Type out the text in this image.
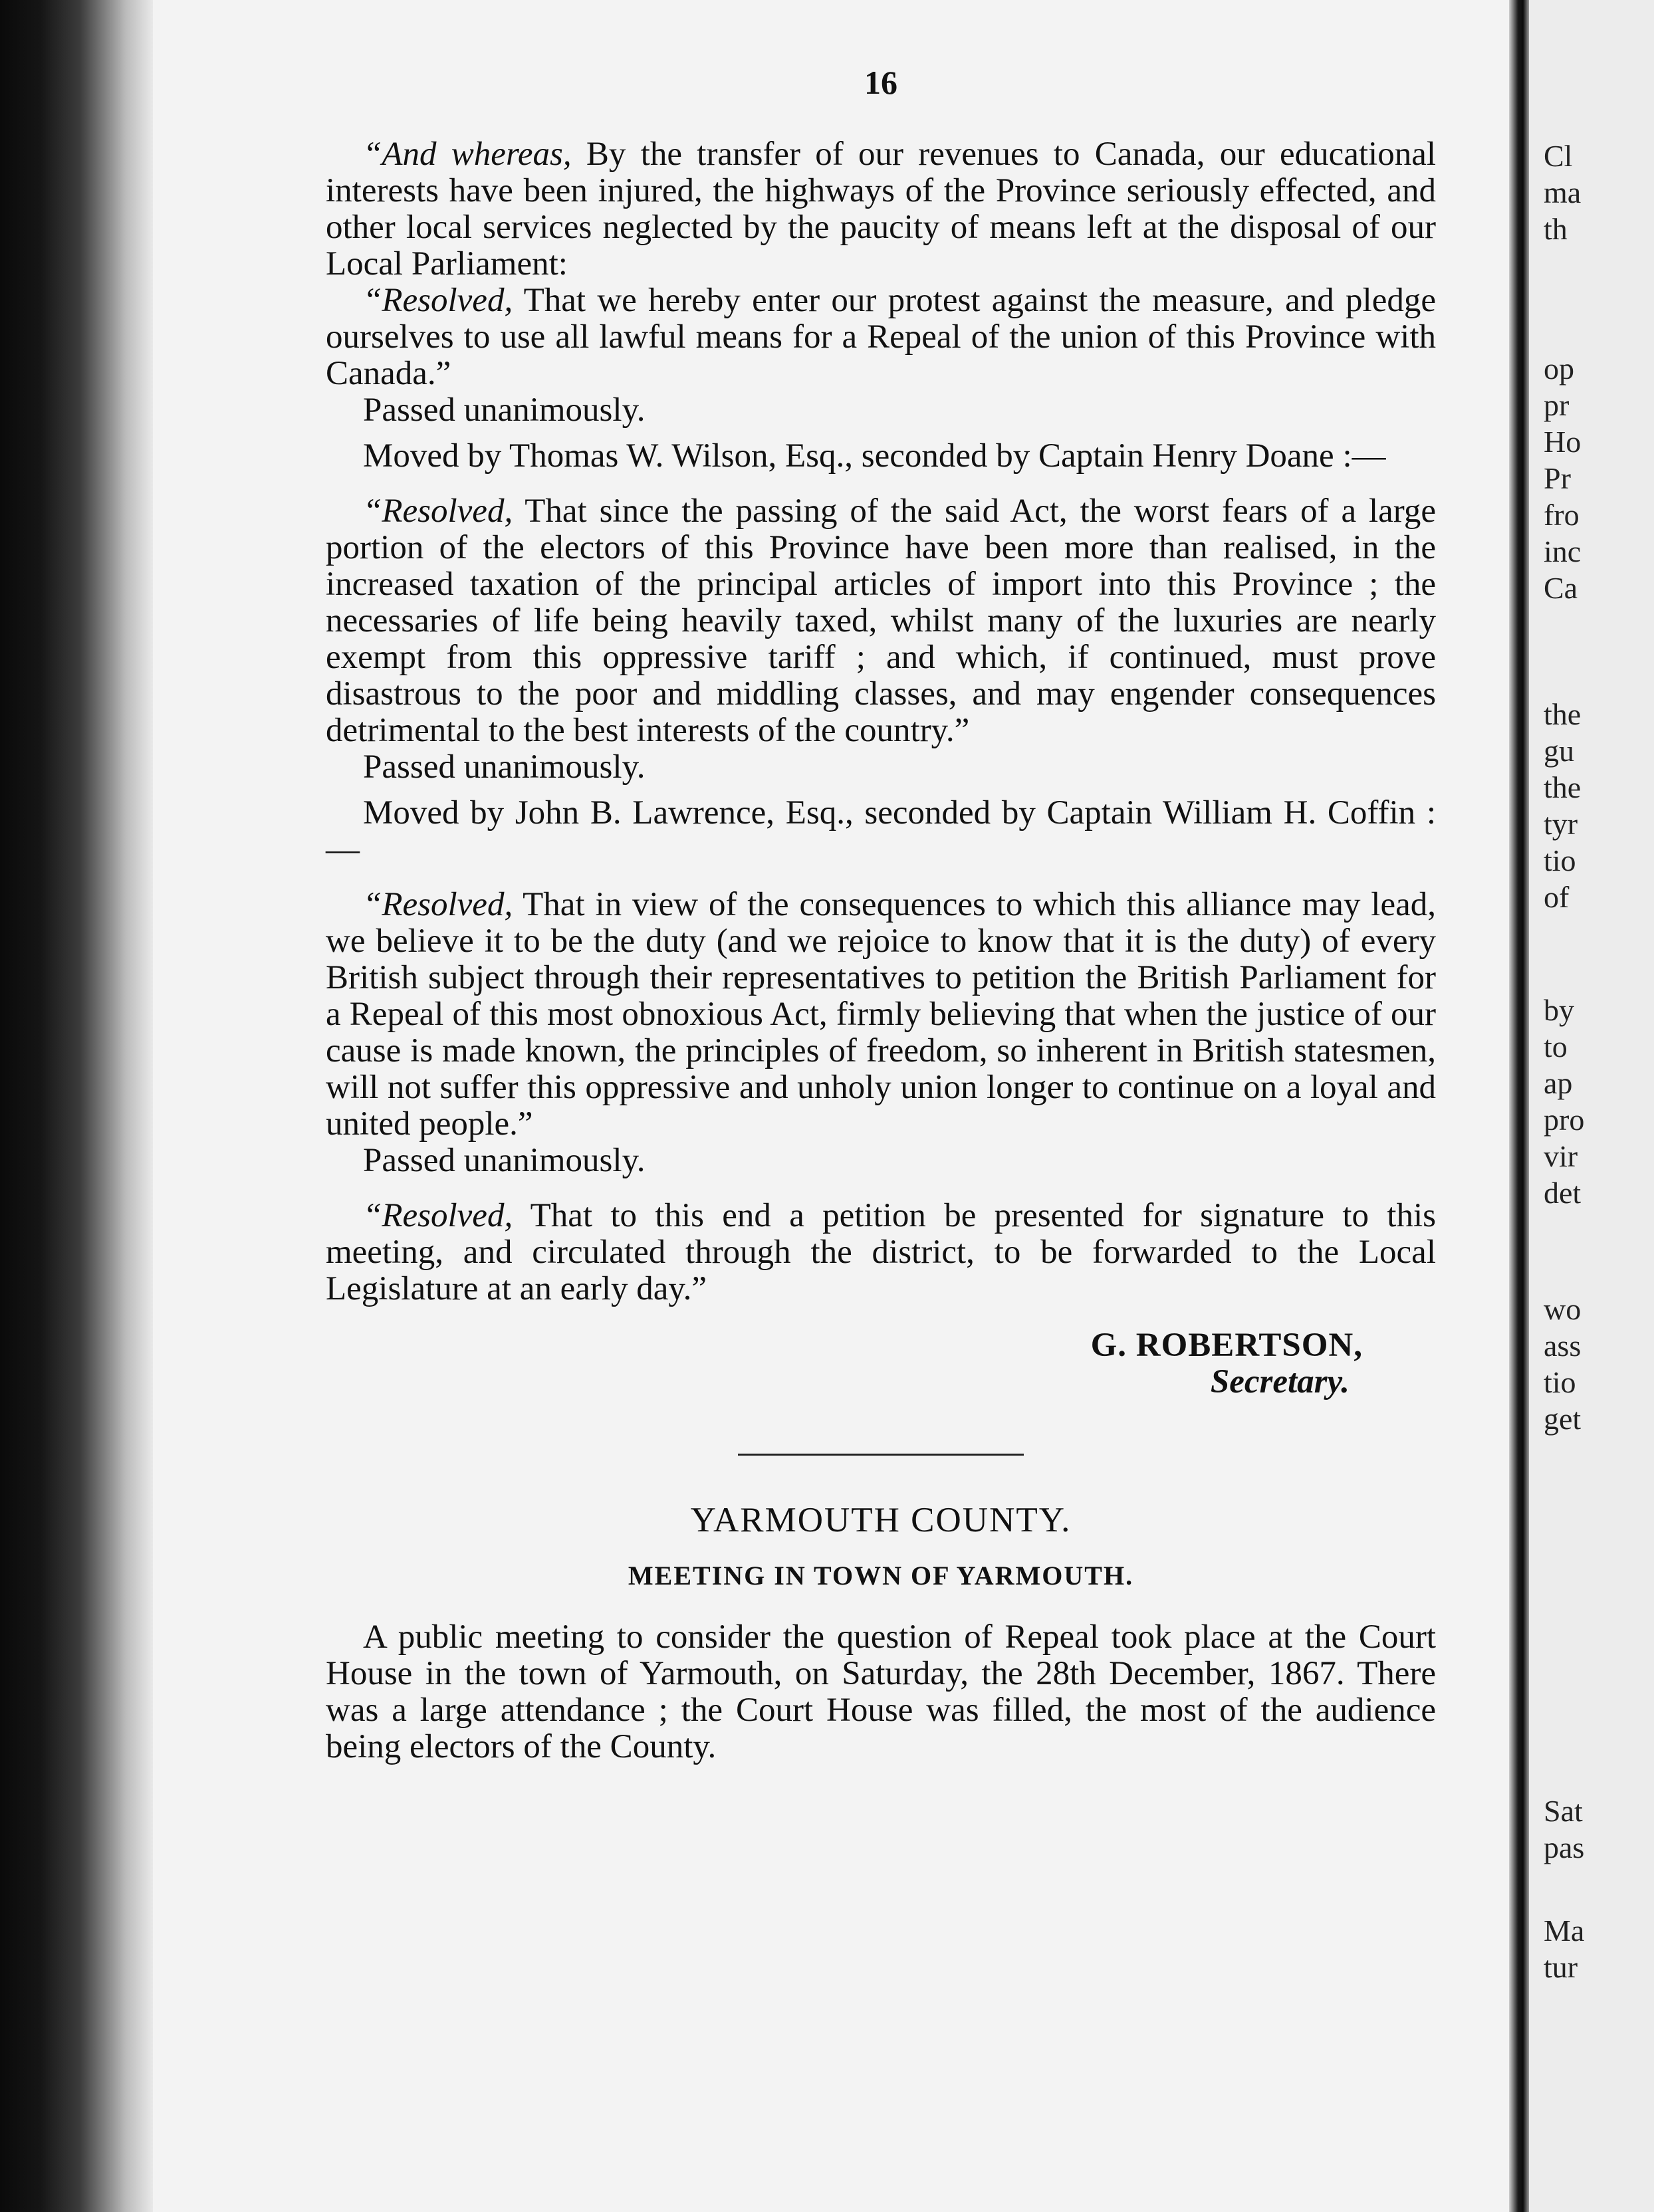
16

“And whereas, By the transfer of our revenues to Canada, our educational interests have been injured, the highways of the Province seriously effected, and other local services neglected by the paucity of means left at the disposal of our Local Parliament:

“Resolved, That we hereby enter our protest against the measure, and pledge ourselves to use all lawful means for a Repeal of the union of this Province with Canada.”

Passed unanimously.

Moved by Thomas W. Wilson, Esq., seconded by Captain Henry Doane :—

“Resolved, That since the passing of the said Act, the worst fears of a large portion of the electors of this Province have been more than realised, in the increased taxation of the principal articles of import into this Province ; the necessaries of life being heavily taxed, whilst many of the luxuries are nearly exempt from this oppressive tariff ; and which, if continued, must prove disastrous to the poor and middling classes, and may engender consequences detrimental to the best interests of the country.”

Passed unanimously.

Moved by John B. Lawrence, Esq., seconded by Captain William H. Coffin :—

“Resolved, That in view of the consequences to which this alliance may lead, we believe it to be the duty (and we rejoice to know that it is the duty) of every British subject through their representatives to petition the British Parliament for a Repeal of this most obnoxious Act, firmly believing that when the justice of our cause is made known, the principles of freedom, so inherent in British statesmen, will not suffer this oppressive and unholy union longer to continue on a loyal and united people.”

Passed unanimously.

“Resolved, That to this end a petition be presented for signature to this meeting, and circulated through the district, to be forwarded to the Local Legislature at an early day.”

G. ROBERTSON,

Secretary.

YARMOUTH COUNTY.

MEETING IN TOWN OF YARMOUTH.

A public meeting to consider the question of Repeal took place at the Court House in the town of Yarmouth, on Saturday, the 28th December, 1867. There was a large attendance ; the Court House was filled, the most of the audience being electors of the County.

Cl
ma
th
op
pr
Ho
Pr
fro
inc
Ca
the
gu
the
tyr
tio
of
by
to
ap
pro
vir
det
wo
ass
tio
get
Sat
pas
Ma
tur
